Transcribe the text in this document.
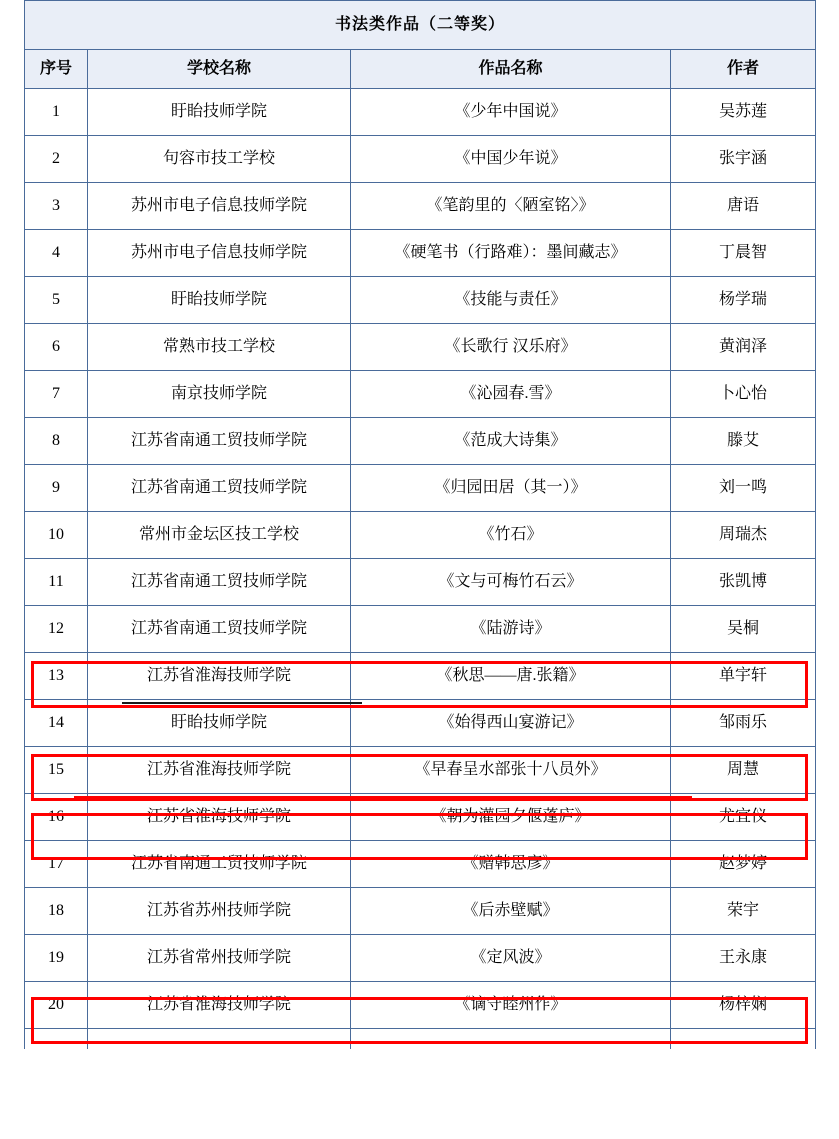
书法类作品（二等奖）			
序号	学校名称	作品名称	作者
1	盱眙技师学院	《少年中国说》	吴苏莲
2	句容市技工学校	《中国少年说》	张宇涵
3	苏州市电子信息技师学院	《笔韵里的〈陋室铭〉》	唐语
4	苏州市电子信息技师学院	《硬笔书（行路难）：墨间藏志》	丁晨智
5	盱眙技师学院	《技能与责任》	杨学瑞
6	常熟市技工学校	《长歌行 汉乐府》	黄润泽
7	南京技师学院	《沁园春.雪》	卜心怡
8	江苏省南通工贸技师学院	《范成大诗集》	滕艾
9	江苏省南通工贸技师学院	《归园田居（其一）》	刘一鸣
10	常州市金坛区技工学校	《竹石》	周瑞杰
11	江苏省南通工贸技师学院	《文与可梅竹石云》	张凯博
12	江苏省南通工贸技师学院	《陆游诗》	吴桐
13	江苏省淮海技师学院	《秋思——唐.张籍》	单宇轩
14	盱眙技师学院	《始得西山宴游记》	邹雨乐
15	江苏省淮海技师学院	《早春呈水部张十八员外》	周慧
16	江苏省淮海技师学院	《朝为灌园夕偃蓬庐》	尤宜仪
17	江苏省南通工贸技师学院	《赠韩思彦》	赵梦婷
18	江苏省苏州技师学院	《后赤壁赋》	荣宇
19	江苏省常州技师学院	《定风波》	王永康
20	江苏省淮海技师学院	《谪守睦州作》	杨梓娴
